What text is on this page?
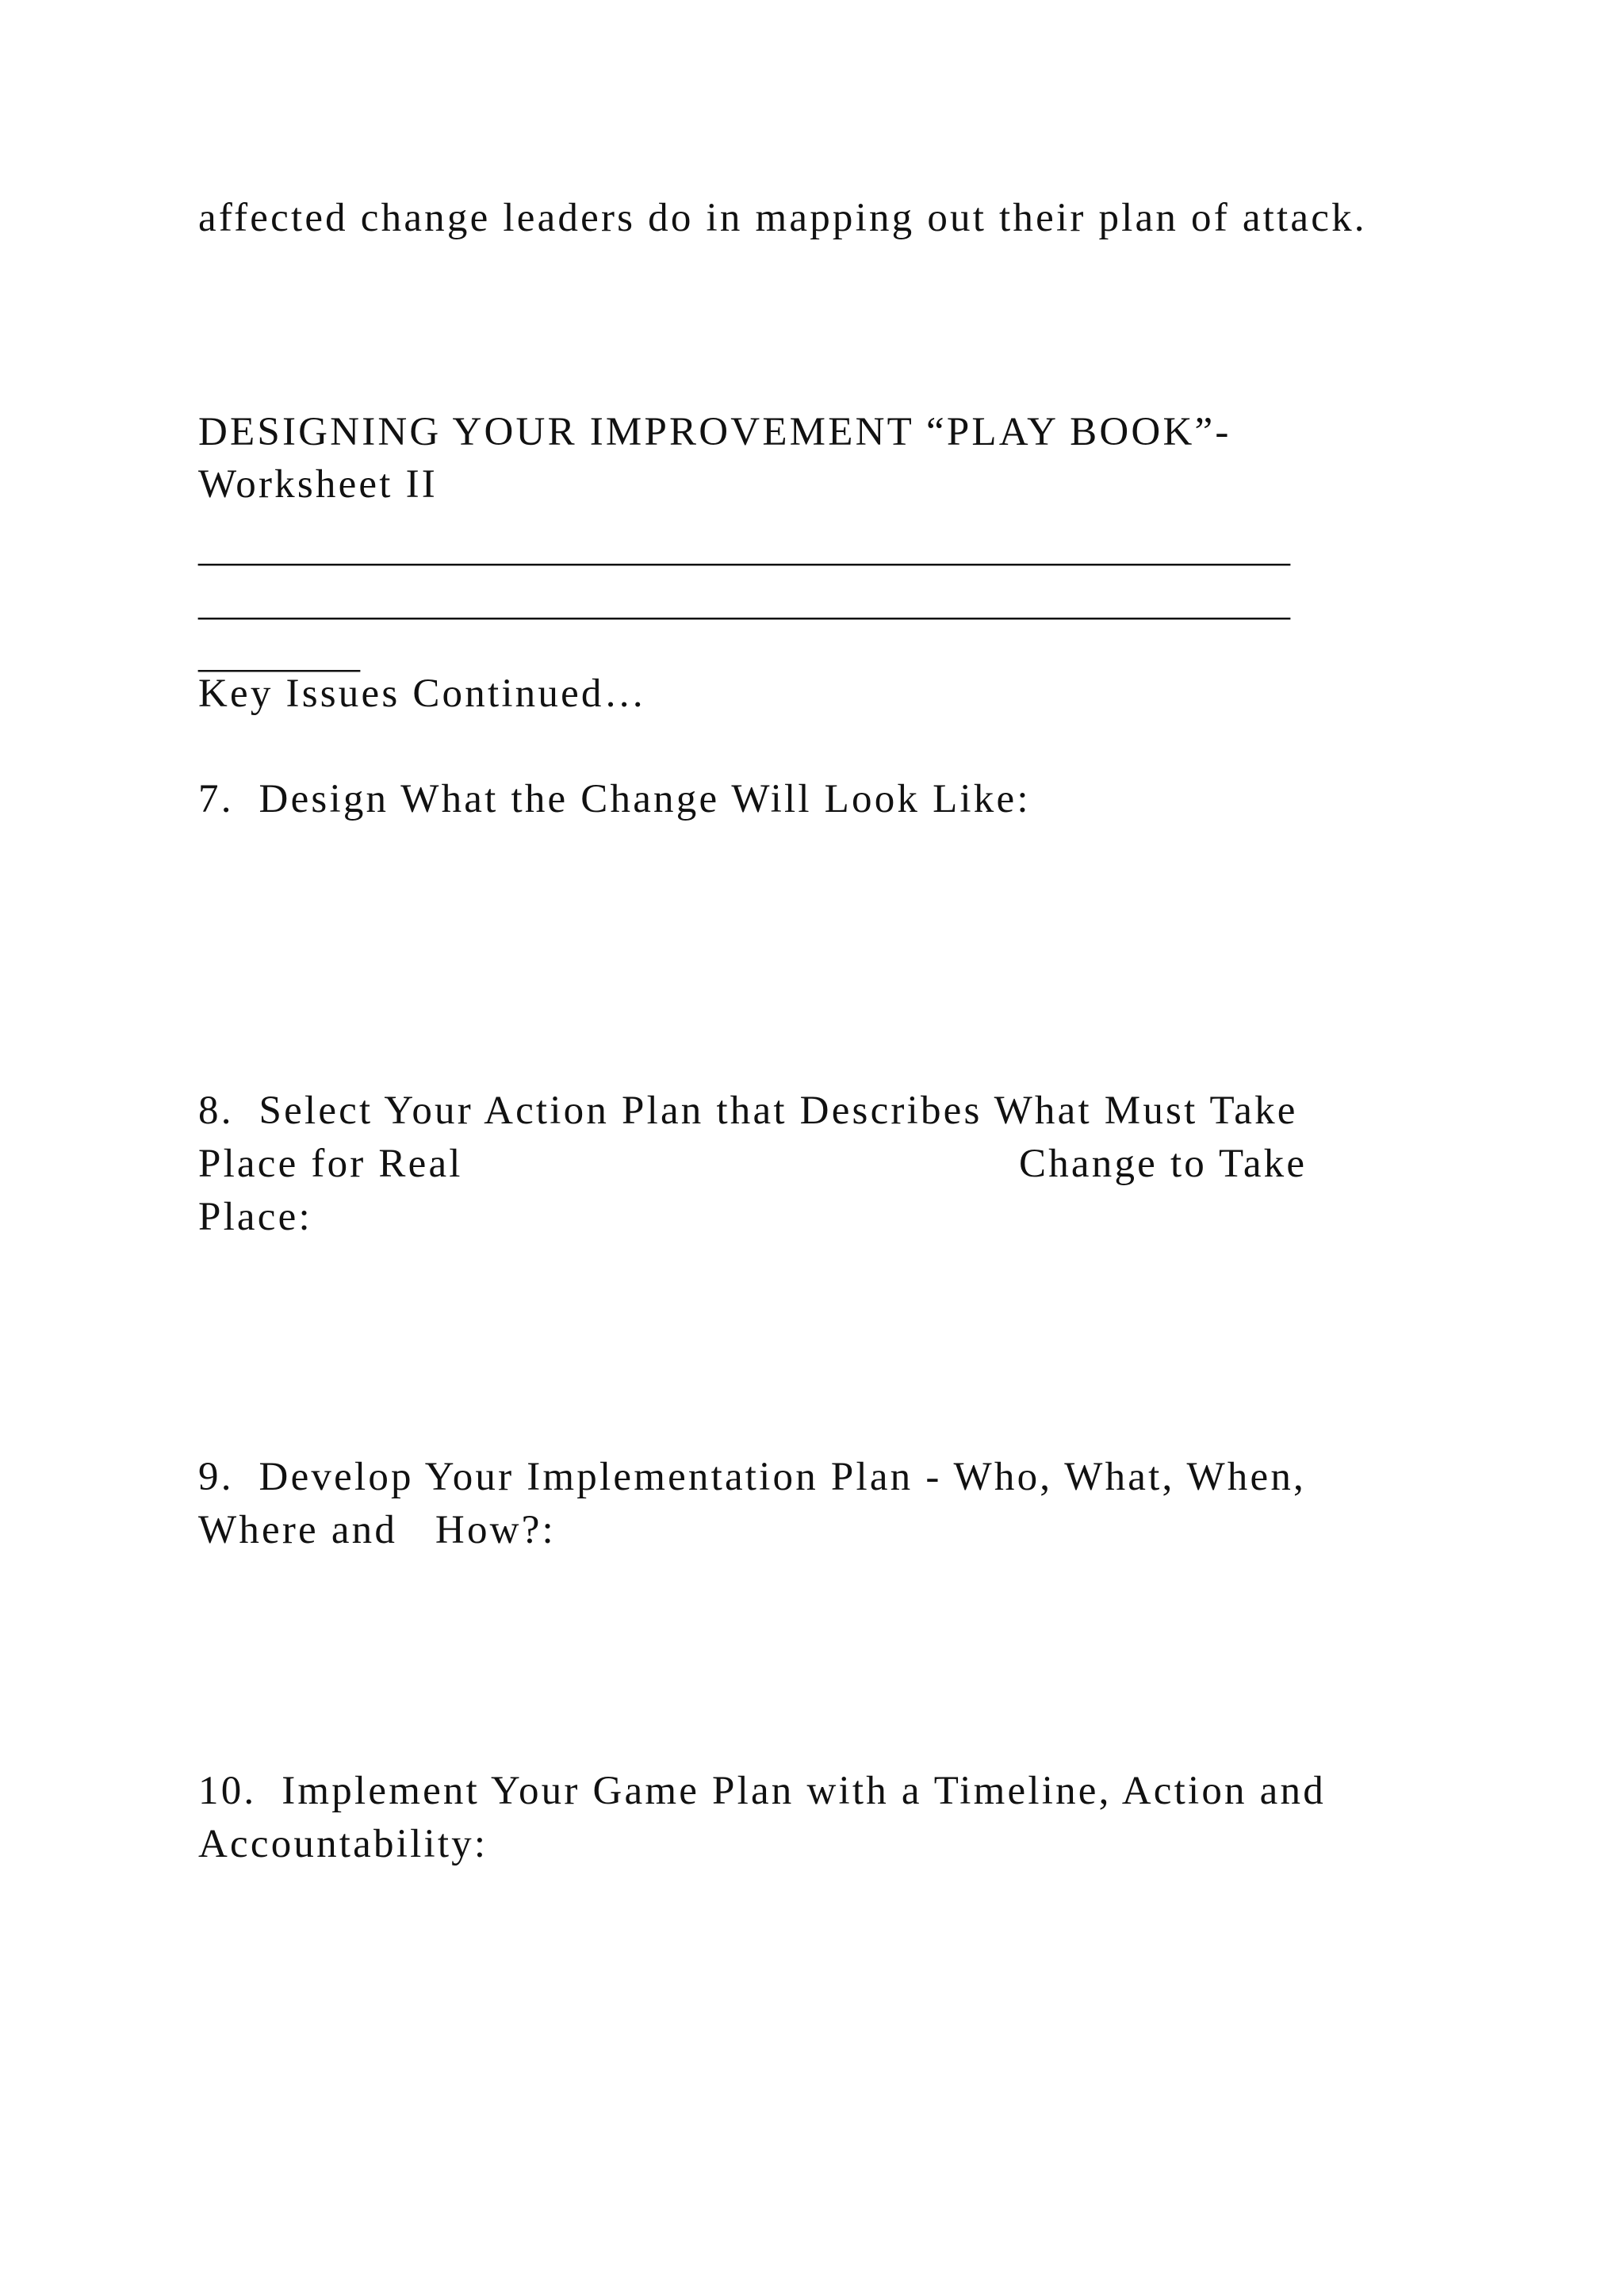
affected change leaders do in mapping out their plan of attack.
DESIGNING YOUR IMPROVEMENT “PLAY BOOK”-
Worksheet II
______________________________________________________
______________________________________________________
________
Key Issues Continued…
7.  Design What the Change Will Look Like:
8.  Select Your Action Plan that Describes What Must Take
Place for Real	Change to Take
Place:
9.  Develop Your Implementation Plan - Who, What, When,
Where and   How?:
10.  Implement Your Game Plan with a Timeline, Action and
Accountability:
